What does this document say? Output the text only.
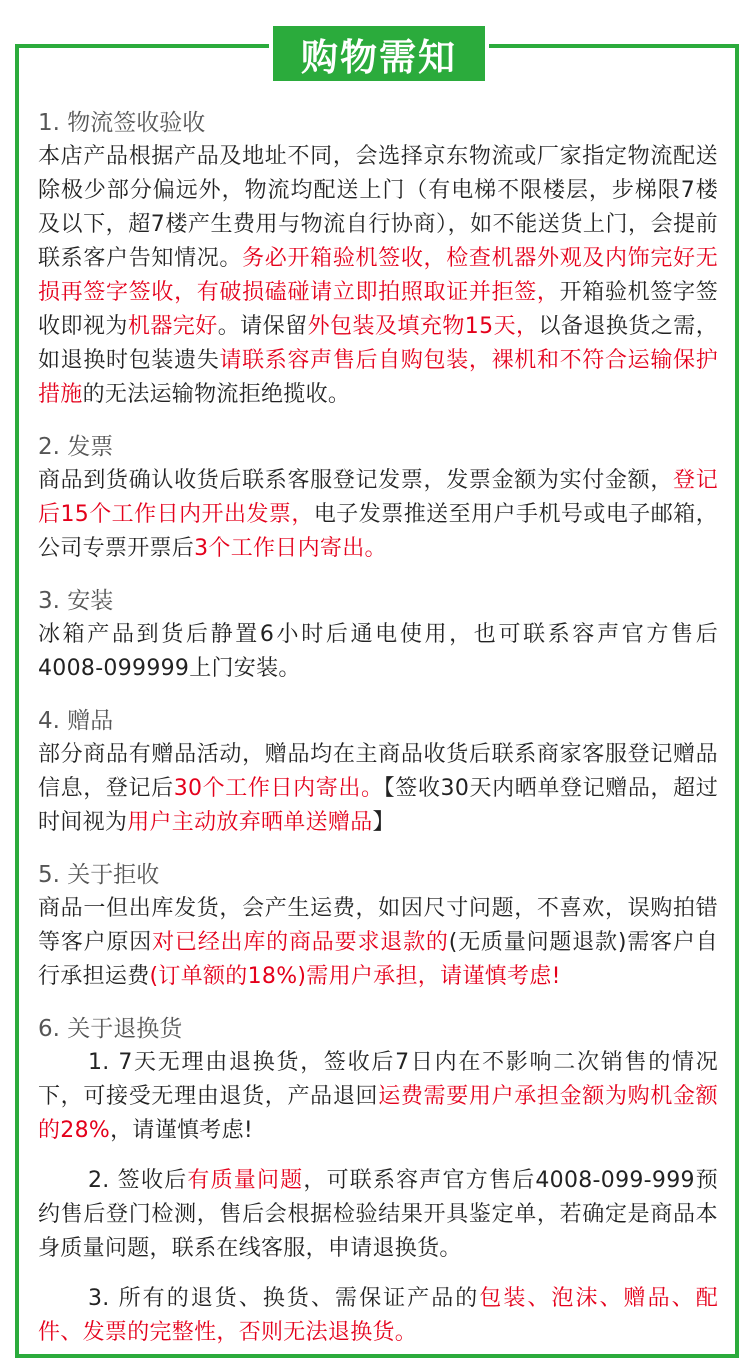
购物需知

1. 物流签收验收

本店产品根据产品及地址不同，会选择京东物流或厂家指定物流配送除极少部分偏远外，物流均配送上门（有电梯不限楼层，步梯限7楼及以下，超7楼产生费用与物流自行协商），如不能送货上门，会提前联系客户告知情况。务必开箱验机签收，检查机器外观及内饰完好无损再签字签收，有破损磕碰请立即拍照取证并拒签，开箱验机签字签收即视为机器完好。请保留外包装及填充物15天，以备退换货之需，如退换时包装遗失请联系容声售后自购包装，裸机和不符合运输保护措施的无法运输物流拒绝揽收。

2. 发票

商品到货确认收货后联系客服登记发票，发票金额为实付金额，登记后15个工作日内开出发票，电子发票推送至用户手机号或电子邮箱，公司专票开票后3个工作日内寄出。

3. 安装

冰箱产品到货后静置6小时后通电使用，也可联系容声官方售后4008-099999上门安装。

4. 赠品

部分商品有赠品活动，赠品均在主商品收货后联系商家客服登记赠品信息，登记后30个工作日内寄出。【签收30天内晒单登记赠品，超过时间视为用户主动放弃晒单送赠品】

5. 关于拒收

商品一但出库发货，会产生运费，如因尺寸问题，不喜欢，误购拍错等客户原因对已经出库的商品要求退款的(无质量问题退款)需客户自行承担运费(订单额的18%)需用户承担，请谨慎考虑!

6. 关于退换货

1. 7天无理由退换货，签收后7日内在不影响二次销售的情况下，可接受无理由退货，产品退回运费需要用户承担金额为购机金额的28%，请谨慎考虑!

2. 签收后有质量问题，可联系容声官方售后4008-099-999预约售后登门检测，售后会根据检验结果开具鉴定单，若确定是商品本身质量问题，联系在线客服，申请退换货。

3. 所有的退货、换货、需保证产品的包装、泡沫、赠品、配件、发票的完整性，否则无法退换货。
